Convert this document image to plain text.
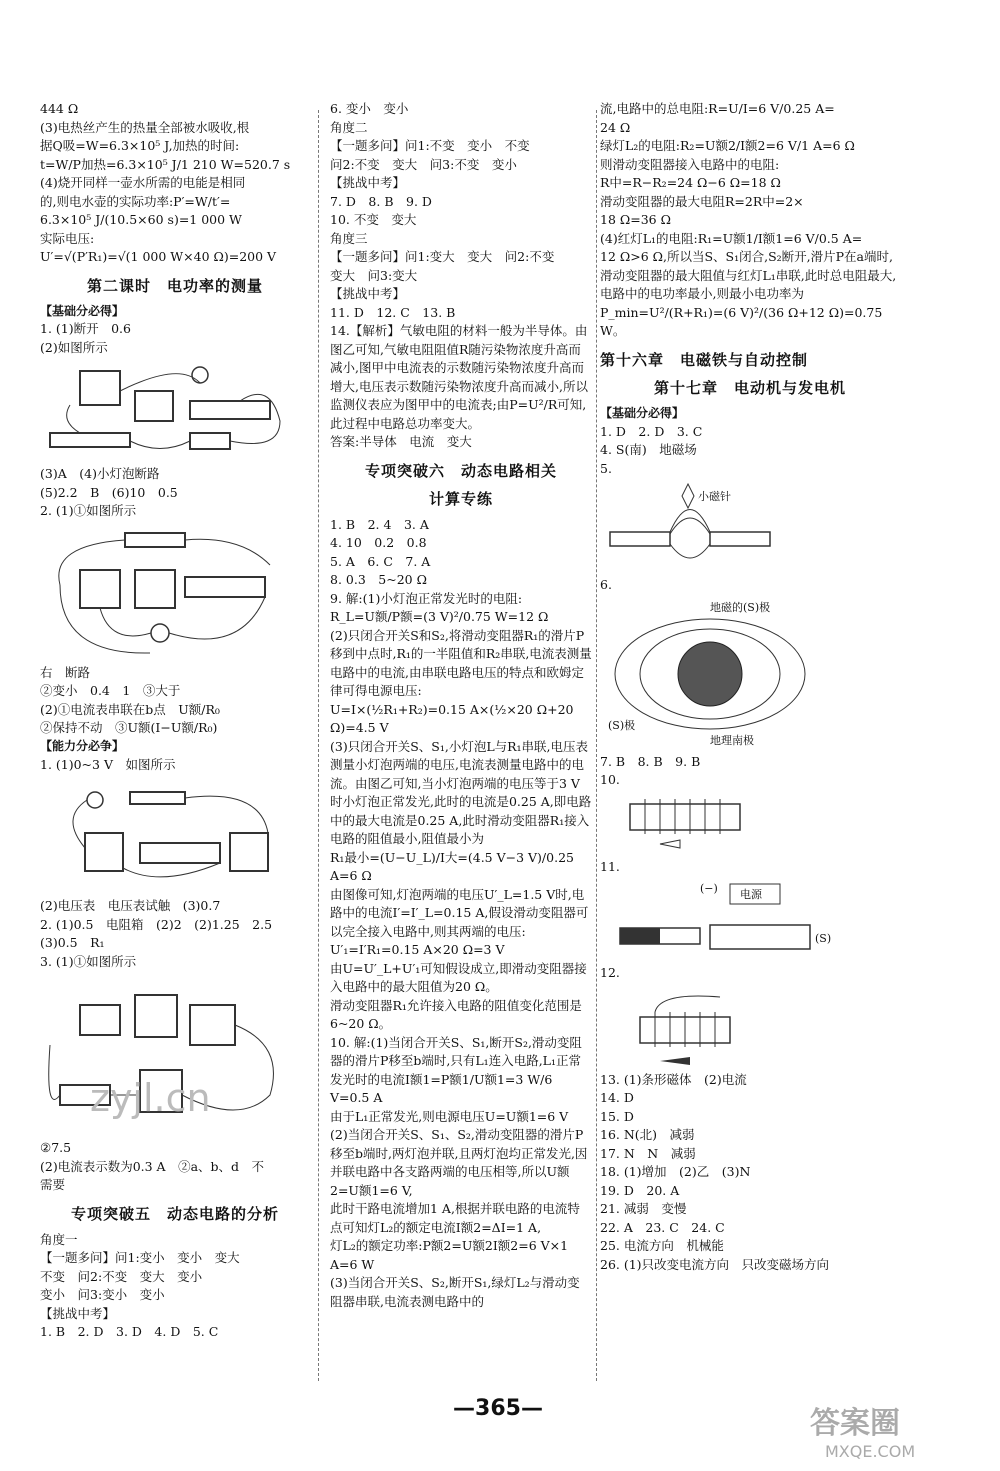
444 Ω

(3)电热丝产生的热量全部被水吸收,根

据Q吸=W=6.3×10⁵ J,加热的时间:

t=W/P加热=6.3×10⁵ J/1 210 W=520.7 s

(4)烧开同样一壶水所需的电能是相同

的,则电水壶的实际功率:P′=W/t′=

6.3×10⁵ J/(10.5×60 s)=1 000 W

实际电压:

U′=√(P′R₁)=√(1 000 W×40 Ω)=200 V

第二课时　电功率的测量
【基础分必得】

1. (1)断开　0.6

(2)如图所示

(3)A　(4)小灯泡断路

(5)2.2　B　(6)10　0.5

2. (1)①如图所示

右　断路

②变小　0.4　1　③大于

(2)①电流表串联在b点　U额/R₀

②保持不动　③U额(I−U额/R₀)

【能力分必争】

1. (1)0~3 V　如图所示

(2)电压表　电压表试触　(3)0.7

2. (1)0.5　电阻箱　(2)2　(2)1.25　2.5

(3)0.5　R₁

3. (1)①如图所示

②7.5

(2)电流表示数为0.3 A　②a、b、d　不

需要

专项突破五　动态电路的分析

角度一

【一题多问】问1:变小　变小　变大

不变　问2:不变　变大　变小

变小　问3:变小　变小

【挑战中考】

1. B　2. D　3. D　4. D　5. C

6. 变小　变小

角度二

【一题多问】问1:不变　变小　不变

问2:不变　变大　问3:不变　变小

【挑战中考】

7. D　8. B　9. D

10. 不变　变大

角度三

【一题多问】问1:变大　变大　问2:不变

变大　问3:变大

【挑战中考】

11. D　12. C　13. B

14.【解析】气敏电阻的材料一般为半导体。由图乙可知,气敏电阻阻值R随污染物浓度升高而减小,图甲中电流表的示数随污染物浓度升高而增大,电压表示数随污染物浓度升高而减小,所以监测仪表应为图甲中的电流表;由P=U²/R可知,此过程中电路总功率变大。

答案:半导体　电流　变大

专项突破六　动态电路相关
计算专练

1. B　2. 4　3. A

4. 10　0.2　0.8

5. A　6. C　7. A

8. 0.3　5~20 Ω

9. 解:(1)小灯泡正常发光时的电阻:

R_L=U额/P额=(3 V)²/0.75 W=12 Ω

(2)只闭合开关S和S₂,将滑动变阻器R₁的滑片P移到中点时,R₁的一半阻值和R₂串联,电流表测量电路中的电流,由串联电路电压的特点和欧姆定律可得电源电压:

U=I×(½R₁+R₂)=0.15 A×(½×20 Ω+20 Ω)=4.5 V

(3)只闭合开关S、S₁,小灯泡L与R₁串联,电压表测量小灯泡两端的电压,电流表测量电路中的电流。由图乙可知,当小灯泡两端的电压等于3 V时小灯泡正常发光,此时的电流是0.25 A,即电路中的最大电流是0.25 A,此时滑动变阻器R₁接入电路的阻值最小,阻值最小为

R₁最小=(U−U_L)/I大=(4.5 V−3 V)/0.25 A=6 Ω

由图像可知,灯泡两端的电压U′_L=1.5 V时,电路中的电流I′=I′_L=0.15 A,假设滑动变阻器可以完全接入电路中,则其两端的电压:

U′₁=I′R₁=0.15 A×20 Ω=3 V

由U=U′_L+U′₁可知假设成立,即滑动变阻器接入电路中的最大阻值为20 Ω。

滑动变阻器R₁允许接入电路的阻值变化范围是6~20 Ω。

10. 解:(1)当闭合开关S、S₁,断开S₂,滑动变阻器的滑片P移至b端时,只有L₁连入电路,L₁正常发光时的电流I额1=P额1/U额1=3 W/6 V=0.5 A

由于L₁正常发光,则电源电压U=U额1=6 V

(2)当闭合开关S、S₁、S₂,滑动变阻器的滑片P移至b端时,两灯泡并联,且两灯泡均正常发光,因并联电路中各支路两端的电压相等,所以U额2=U额1=6 V,

此时干路电流增加1 A,根据并联电路的电流特点可知灯L₂的额定电流I额2=ΔI=1 A,

灯L₂的额定功率:P额2=U额2I额2=6 V×1 A=6 W

(3)当闭合开关S、S₂,断开S₁,绿灯L₂与滑动变阻器串联,电流表测电路中的

流,电路中的总电阻:R=U/I=6 V/0.25 A=

24 Ω

绿灯L₂的电阻:R₂=U额2/I额2=6 V/1 A=6 Ω

则滑动变阻器接入电路中的电阻:

R中=R−R₂=24 Ω−6 Ω=18 Ω

滑动变阻器的最大电阻R=2R中=2×

18 Ω=36 Ω

(4)红灯L₁的电阻:R₁=U额1/I额1=6 V/0.5 A=

12 Ω>6 Ω,所以当S、S₁闭合,S₂断开,滑片P在a端时,滑动变阻器的最大阻值与红灯L₁串联,此时总电阻最大,电路中的电功率最小,则最小电功率为

P_min=U²/(R+R₁)=(6 V)²/(36 Ω+12 Ω)=0.75 W。

第十六章　电磁铁与自动控制
第十七章　电动机与发电机
【基础分必得】

1. D　2. D　3. C

4. S(南)　地磁场

5.

小磁针

6.

地磁的(S)极
(S)极
地理南极

7. B　8. B　9. B

10.

11.

(−) 电源
(S)

12.

13. (1)条形磁体　(2)电流

14. D

15. D

16. N(北)　减弱

17. N　N　减弱

18. (1)增加　(2)乙　(3)N

19. D　20. A

21. 减弱　变慢

22. A　23. C　24. C

25. 电流方向　机械能

26. (1)只改变电流方向　只改变磁场方向

—365—
zyjl.cn
答案圈
MXQE.COM
